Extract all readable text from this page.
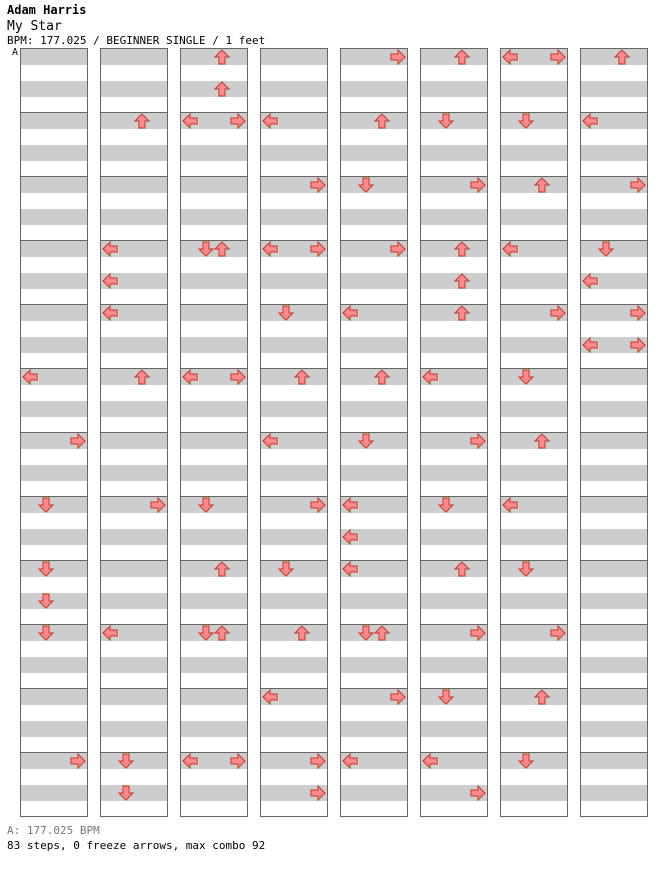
Adam Harris
My Star
BPM: 177.025 / BEGINNER SINGLE / 1 feet
A
A: 177.025 BPM
83 steps, 0 freeze arrows, max combo 92
